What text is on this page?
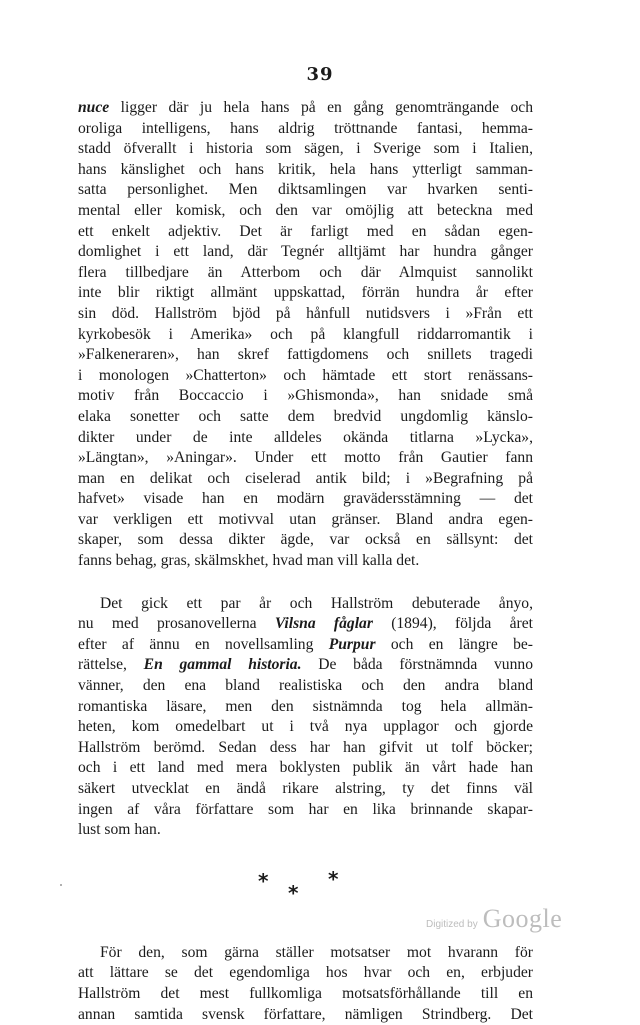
39
nuce ligger där ju hela hans på en gång genomträngande och
oroliga intelligens, hans aldrig tröttnande fantasi, hemma-
stadd öfverallt i historia som sägen, i Sverige som i Italien,
hans känslighet och hans kritik, hela hans ytterligt samman-
satta personlighet. Men diktsamlingen var hvarken senti-
mental eller komisk, och den var omöjlig att beteckna med
ett enkelt adjektiv. Det är farligt med en sådan egen-
domlighet i ett land, där Tegnér alltjämt har hundra gånger
flera tillbedjare än Atterbom och där Almquist sannolikt
inte blir riktigt allmänt uppskattad, förrän hundra år efter
sin död. Hallström bjöd på hånfull nutidsvers i »Från ett
kyrkobesök i Amerika» och på klangfull riddarromantik i
»Falkeneraren», han skref fattigdomens och snillets tragedi
i monologen »Chatterton» och hämtade ett stort renässans-
motiv från Boccaccio i »Ghismonda», han snidade små
elaka sonetter och satte dem bredvid ungdomlig känslo-
dikter under de inte alldeles okända titlarna »Lycka»,
»Längtan», »Aningar». Under ett motto från Gautier fann
man en delikat och ciselerad antik bild; i »Begrafning på
hafvet» visade han en modärn gravädersstämning — det
var verkligen ett motivval utan gränser. Bland andra egen-
skaper, som dessa dikter ägde, var också en sällsynt: det
fanns behag, gras, skälmskhet, hvad man vill kalla det.
Det gick ett par år och Hallström debuterade ånyo,
nu med prosanovellerna Vilsna fåglar (1894), följda året
efter af ännu en novellsamling Purpur och en längre be-
rättelse, En gammal historia. De båda förstnämnda vunno
vänner, den ena bland realistiska och den andra bland
romantiska läsare, men den sistnämnda tog hela allmän-
heten, kom omedelbart ut i två nya upplagor och gjorde
Hallström berömd. Sedan dess har han gifvit ut tolf böcker;
och i ett land med mera boklysten publik än vårt hade han
säkert utvecklat en ändå rikare alstring, ty det finns väl
ingen af våra författare som har en lika brinnande skapar-
lust som han.
* *
*
För den, som gärna ställer motsatser mot hvarann för
att lättare se det egendomliga hos hvar och en, erbjuder
Hallström det mest fullkomliga motsatsförhållande till en
annan samtida svensk författare, nämligen Strindberg. Det
Digitized by Google
